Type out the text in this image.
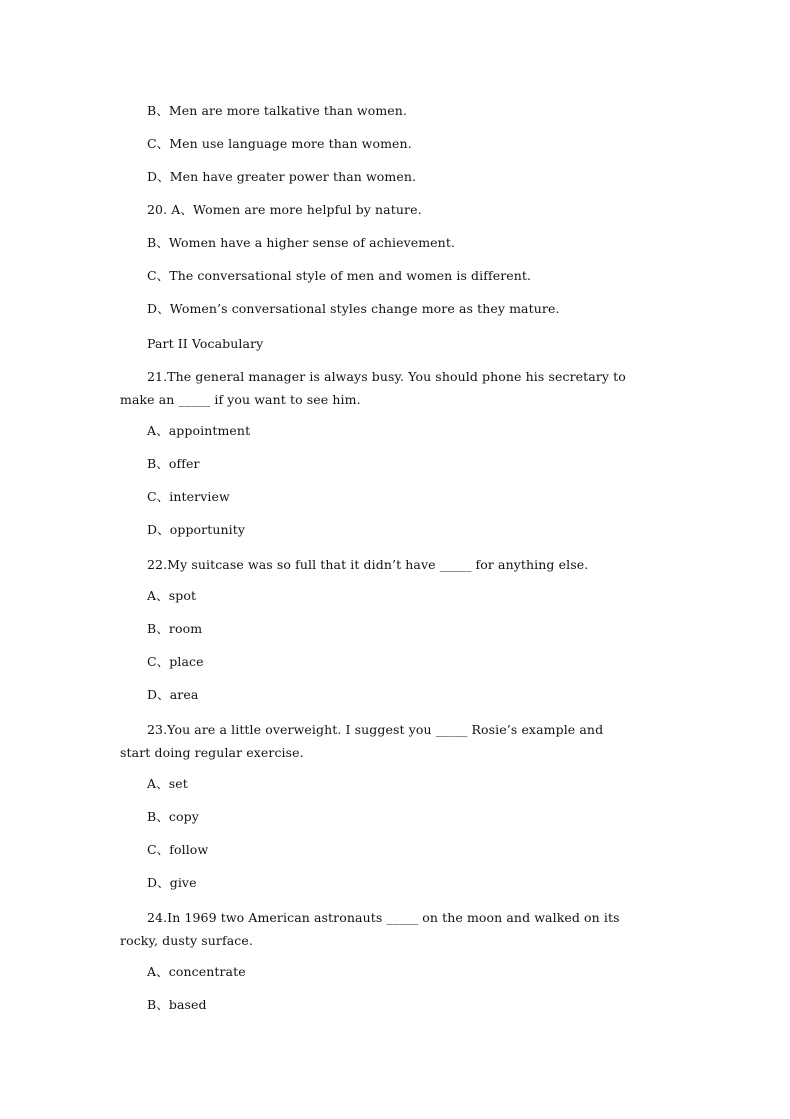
B、Men are more talkative than women.
C、Men use language more than women.
D、Men have greater power than women.
20. A、Women are more helpful by nature.
B、Women have a higher sense of achievement.
C、The conversational style of men and women is different.
D、Women’s conversational styles change more as they mature.
Part II Vocabulary
21.The general manager is always busy. You should phone his secretary to
make an _____ if you want to see him.
A、appointment
B、offer
C、interview
D、opportunity
22.My suitcase was so full that it didn’t have _____ for anything else.
A、spot
B、room
C、place
D、area
23.You are a little overweight. I suggest you _____ Rosie’s example and
start doing regular exercise.
A、set
B、copy
C、follow
D、give
24.In 1969 two American astronauts _____ on the moon and walked on its
rocky, dusty surface.
A、concentrate
B、based
